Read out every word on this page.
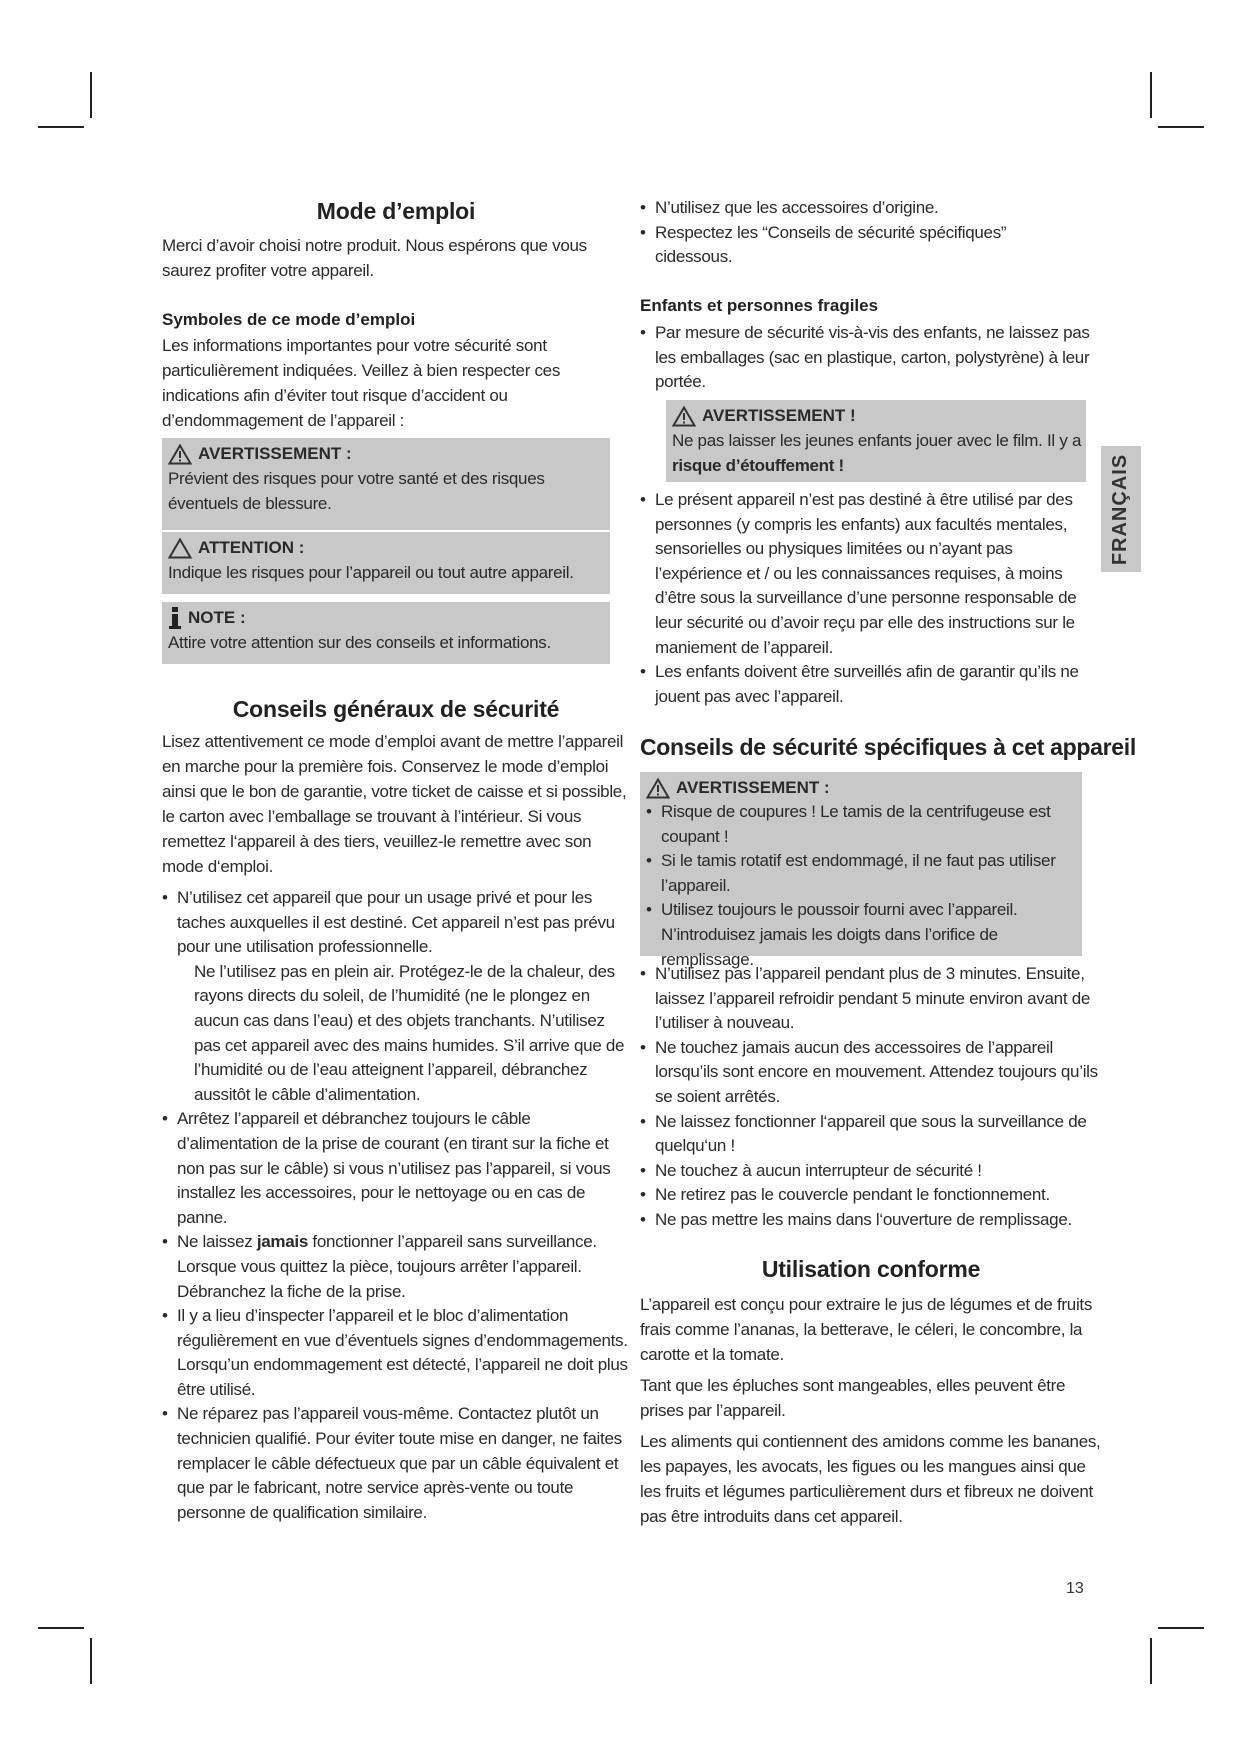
FRANÇAIS
Mode d’emploi

Merci d’avoir choisi notre produit. Nous espérons que vous saurez profiter votre appareil.

Symboles de ce mode d’emploi

Les informations importantes pour votre sécurité sont particulièrement indiquées. Veillez à bien respecter ces indications afin d’éviter tout risque d’accident ou d’endommagement de l’appareil :

AVERTISSEMENT :
Prévient des risques pour votre santé et des risques éventuels de blessure.
ATTENTION :
Indique les risques pour l’appareil ou tout autre appareil.
NOTE :
Attire votre attention sur des conseils et informations.
Conseils généraux de sécurité

Lisez attentivement ce mode d’emploi avant de mettre l’appareil en marche pour la première fois. Conservez le mode d’emploi ainsi que le bon de garantie, votre ticket de caisse et si possible, le carton avec l’emballage se trouvant à l’intérieur. Si vous remettez l‘appareil à des tiers, veuillez-le remettre avec son mode d‘emploi.

• N’utilisez cet appareil que pour un usage privé et pour les taches auxquelles il est destiné. Cet appareil n’est pas prévu pour une utilisation professionnelle.
Ne l’utilisez pas en plein air. Protégez-le de la chaleur, des rayons directs du soleil, de l’humidité (ne le plongez en aucun cas dans l’eau) et des objets tranchants. N’utilisez pas cet appareil avec des mains humides. S’il arrive que de l’humidité ou de l’eau atteignent l’appareil, débranchez aussitôt le câble d’alimentation.
• Arrêtez l’appareil et débranchez toujours le câble d’alimentation de la prise de courant (en tirant sur la fiche et non pas sur le câble) si vous n’utilisez pas l’appareil, si vous installez les accessoires, pour le nettoyage ou en cas de panne.
• Ne laissez jamais fonctionner l’appareil sans surveillance. Lorsque vous quittez la pièce, toujours arrêter l’appareil. Débranchez la fiche de la prise.
• Il y a lieu d’inspecter l’appareil et le bloc d’alimentation régulièrement en vue d’éventuels signes d’endommagements. Lorsqu’un endommagement est détecté, l’appareil ne doit plus être utilisé.
• Ne réparez pas l’appareil vous-même. Contactez plutôt un technicien qualifié. Pour éviter toute mise en danger, ne faites remplacer le câble défectueux que par un câble équivalent et que par le fabricant, notre service après-vente ou toute personne de qualification similaire.
• N’utilisez que les accessoires d’origine.
• Respectez les “Conseils de sécurité spécifiques” cidessous.
Enfants et personnes fragiles
• Par mesure de sécurité vis-à-vis des enfants, ne laissez pas les emballages (sac en plastique, carton, polystyrène) à leur portée.
AVERTISSEMENT !
Ne pas laisser les jeunes enfants jouer avec le film. Il y a
risque d’étouffement !
• Le présent appareil n’est pas destiné à être utilisé par des personnes (y compris les enfants) aux facultés mentales, sensorielles ou physiques limitées ou n’ayant pas l’expérience et / ou les connaissances requises, à moins d’être sous la surveillance d’une personne responsable de leur sécurité ou d’avoir reçu par elle des instructions sur le maniement de l’appareil.
• Les enfants doivent être surveillés afin de garantir qu’ils ne jouent pas avec l’appareil.
Conseils de sécurité spécifiques à cet appareil
AVERTISSEMENT :
• Risque de coupures ! Le tamis de la centrifugeuse est coupant !
• Si le tamis rotatif est endommagé, il ne faut pas utiliser l’appareil.
• Utilisez toujours le poussoir fourni avec l’appareil. N’introduisez jamais les doigts dans l’orifice de remplissage.
• N’utilisez pas l’appareil pendant plus de 3 minutes. Ensuite, laissez l’appareil refroidir pendant 5 minute environ avant de l’utiliser à nouveau.
• Ne touchez jamais aucun des accessoires de l’appareil lorsqu’ils sont encore en mouvement. Attendez toujours qu’ils se soient arrêtés.
• Ne laissez fonctionner l‘appareil que sous la surveillance de quelqu‘un !
• Ne touchez à aucun interrupteur de sécurité !
• Ne retirez pas le couvercle pendant le fonctionnement.
• Ne pas mettre les mains dans l‘ouverture de remplissage.
Utilisation conforme

L’appareil est conçu pour extraire le jus de légumes et de fruits frais comme l’ananas, la betterave, le céleri, le concombre, la carotte et la tomate.

Tant que les épluches sont mangeables, elles peuvent être prises par l’appareil.

Les aliments qui contiennent des amidons comme les bananes, les papayes, les avocats, les figues ou les mangues ainsi que les fruits et légumes particulièrement durs et fibreux ne doivent pas être introduits dans cet appareil.

13
